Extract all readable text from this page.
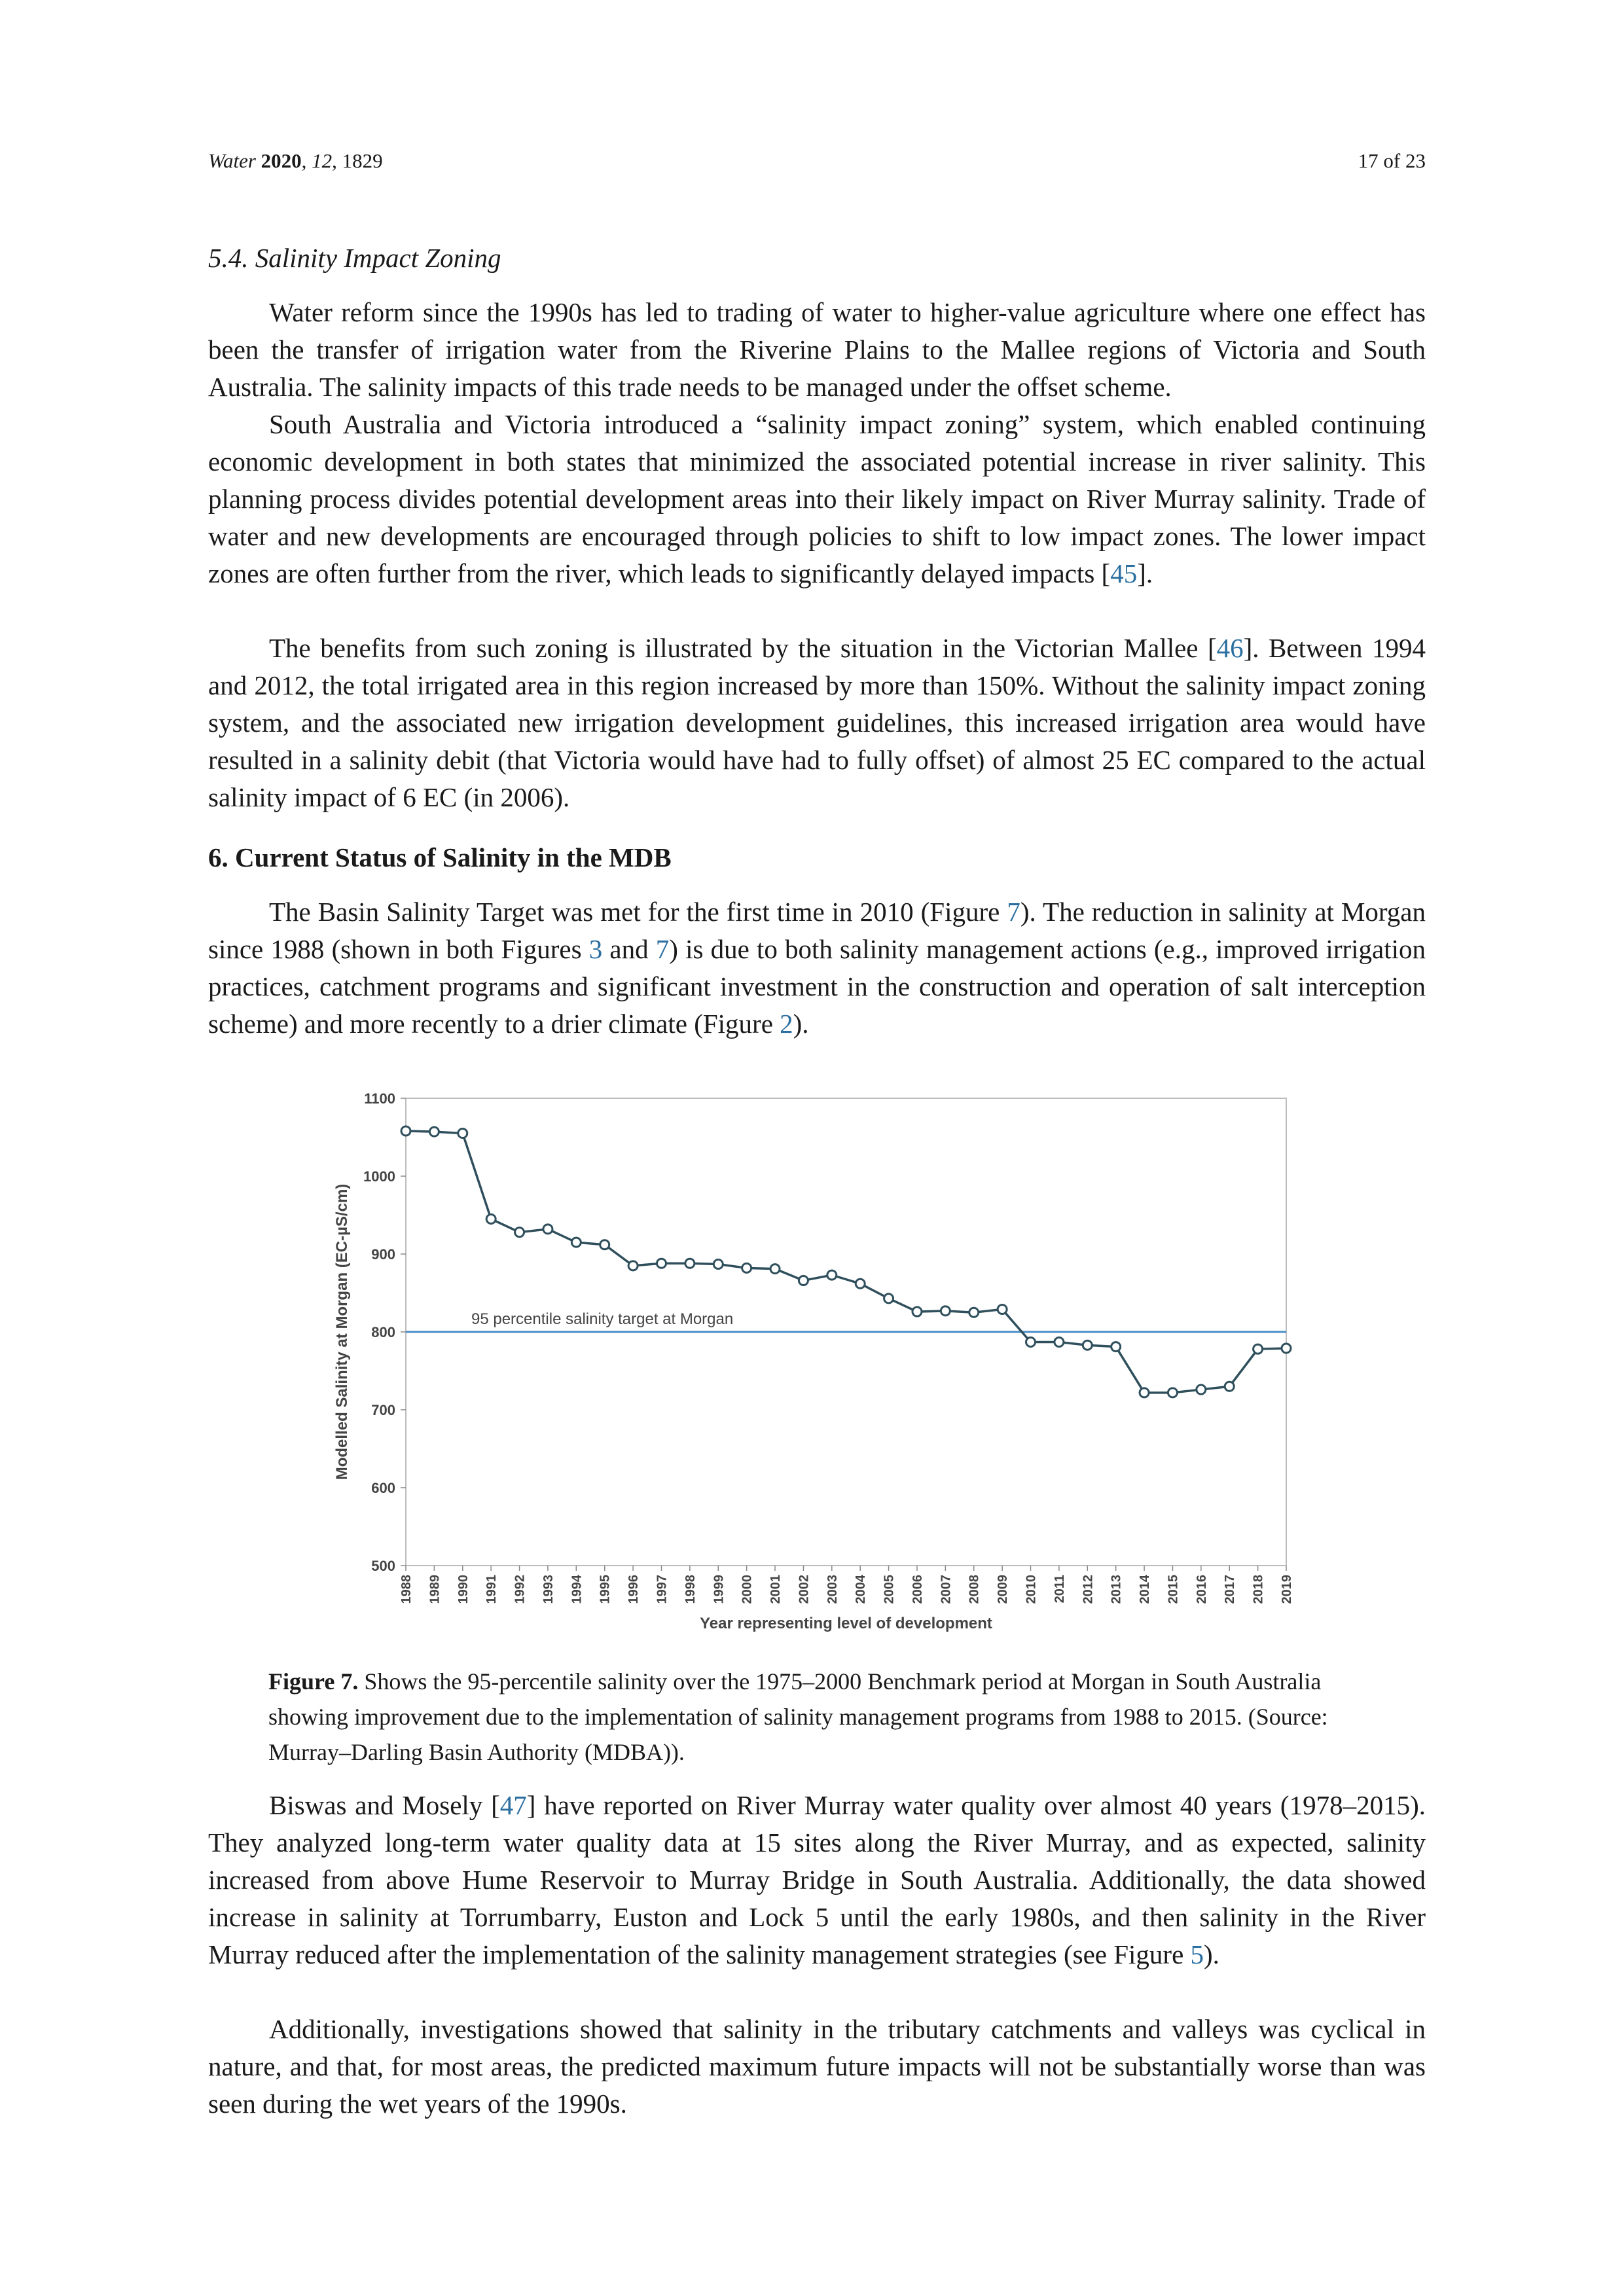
Water 2020, 12, 1829	17 of 23
5.4. Salinity Impact Zoning

Water reform since the 1990s has led to trading of water to higher-value agriculture where one effect has been the transfer of irrigation water from the Riverine Plains to the Mallee regions of Victoria and South Australia. The salinity impacts of this trade needs to be managed under the offset scheme.

South Australia and Victoria introduced a “salinity impact zoning” system, which enabled continuing economic development in both states that minimized the associated potential increase in river salinity. This planning process divides potential development areas into their likely impact on River Murray salinity. Trade of water and new developments are encouraged through policies to shift to low impact zones. The lower impact zones are often further from the river, which leads to significantly delayed impacts [45].

The benefits from such zoning is illustrated by the situation in the Victorian Mallee [46]. Between 1994 and 2012, the total irrigated area in this region increased by more than 150%. Without the salinity impact zoning system, and the associated new irrigation development guidelines, this increased irrigation area would have resulted in a salinity debit (that Victoria would have had to fully offset) of almost 25 EC compared to the actual salinity impact of 6 EC (in 2006).

6. Current Status of Salinity in the MDB

The Basin Salinity Target was met for the first time in 2010 (Figure 7). The reduction in salinity at Morgan since 1988 (shown in both Figures 3 and 7) is due to both salinity management actions (e.g., improved irrigation practices, catchment programs and significant investment in the construction and operation of salt interception scheme) and more recently to a drier climate (Figure 2).

95 percentile salinity target at Morgan
500
600
700
800
900
1000
1100
1988 1989 1990 1991 1992 1993 1994 1995 1996 1997 1998 1999 2000 2001 2002 2003 2004 2005 2006 2007 2008 2009 2010 2011 2012 2013 2014 2015 2016 2017 2018 2019
Year representing level of development
Modelled Salinity at Morgan (EC-µS/cm)
Figure 7. Shows the 95-percentile salinity over the 1975–2000 Benchmark period at Morgan in South Australia showing improvement due to the implementation of salinity management programs from 1988 to 2015. (Source: Murray–Darling Basin Authority (MDBA)).

Biswas and Mosely [47] have reported on River Murray water quality over almost 40 years (1978–2015). They analyzed long-term water quality data at 15 sites along the River Murray, and as expected, salinity increased from above Hume Reservoir to Murray Bridge in South Australia. Additionally, the data showed increase in salinity at Torrumbarry, Euston and Lock 5 until the early 1980s, and then salinity in the River Murray reduced after the implementation of the salinity management strategies (see Figure 5).

Additionally, investigations showed that salinity in the tributary catchments and valleys was cyclical in nature, and that, for most areas, the predicted maximum future impacts will not be substantially worse than was seen during the wet years of the 1990s.
